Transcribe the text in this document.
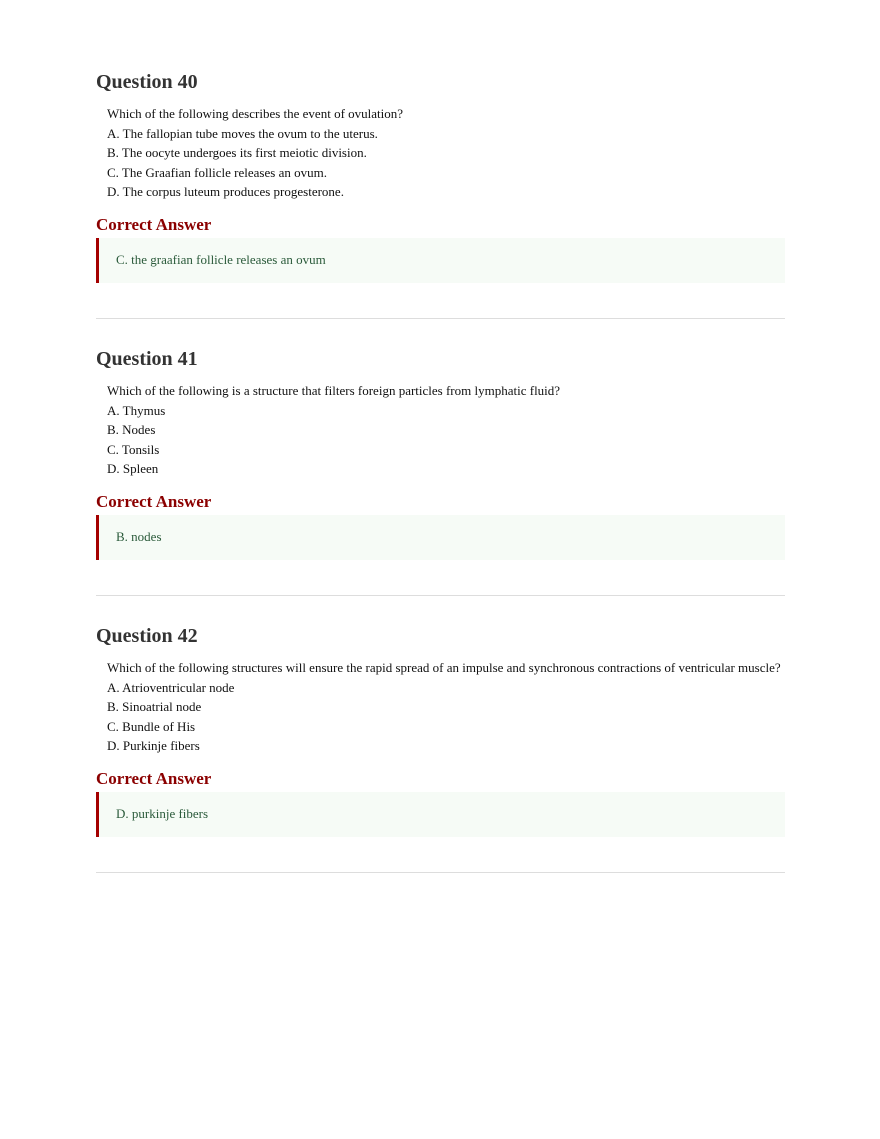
Question 40
Which of the following describes the event of ovulation?
A. The fallopian tube moves the ovum to the uterus.
B. The oocyte undergoes its first meiotic division.
C. The Graafian follicle releases an ovum.
D. The corpus luteum produces progesterone.
Correct Answer
C. the graafian follicle releases an ovum
Question 41
Which of the following is a structure that filters foreign particles from lymphatic fluid?
A. Thymus
B. Nodes
C. Tonsils
D. Spleen
Correct Answer
B. nodes
Question 42
Which of the following structures will ensure the rapid spread of an impulse and synchronous contractions of ventricular muscle?
A. Atrioventricular node
B. Sinoatrial node
C. Bundle of His
D. Purkinje fibers
Correct Answer
D. purkinje fibers
